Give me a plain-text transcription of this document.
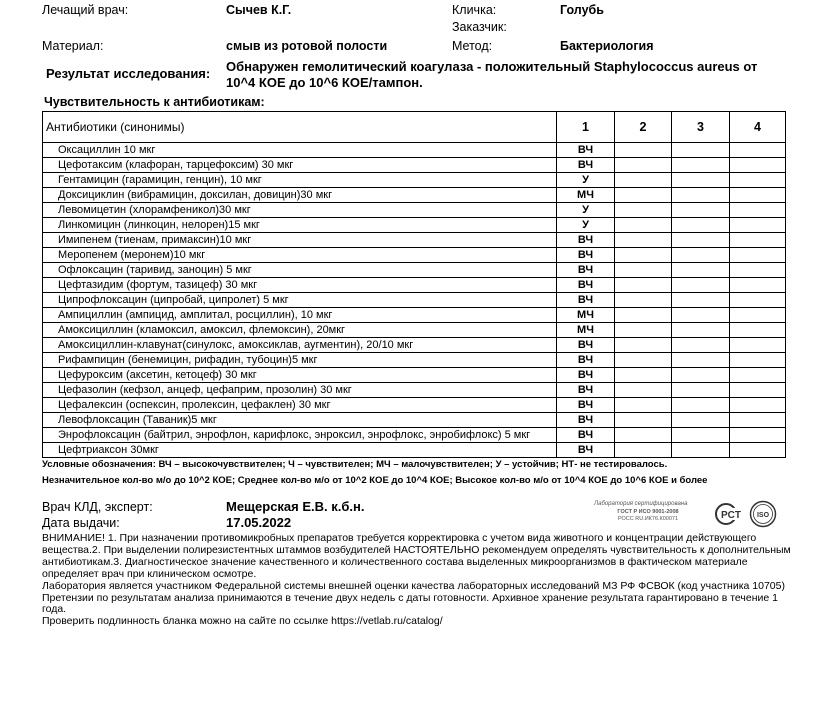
Лечащий врач:	Сычев К.Г.	Кличка:	Голубь
Заказчик:
Материал:	смыв из ротовой полости	Метод:	Бактериология
Результат исследования: Обнаружен гемолитический коагулаза - положительный Staphylococcus aureus от 10^4 КОЕ до 10^6 КОЕ/тампон.
Чувствительность к антибиотикам:
Антибиотики (синонимы)	1	2	3	4
Оксациллин 10 мкг	ВЧ			
Цефотаксим (клафоран, тарцефоксим) 30 мкг	ВЧ			
Гентамицин (гарамицин, генцин), 10 мкг	У			
Доксициклин (вибрамицин, доксилан, довицин)30 мкг	МЧ			
Левомицетин (хлорамфеникол)30 мкг	У			
Линкомицин (линкоцин, нелорен)15 мкг	У			
Имипенем (тиенам, примаксин)10 мкг	ВЧ			
Меропенем (меронем)10 мкг	ВЧ			
Офлоксацин (таривид, заноцин) 5 мкг	ВЧ			
Цефтазидим (фортум, тазицеф) 30 мкг	ВЧ			
Ципрофлоксацин (ципробай, ципролет) 5 мкг	ВЧ			
Ампициллин (ампицид, амплитал, росциллин), 10 мкг	МЧ			
Амоксициллин (кламоксил, амоксил, флемоксин), 20мкг	МЧ			
Амоксициллин-клавунат(синулокс, амоксиклав, аугментин), 20/10 мкг	ВЧ			
Рифампицин (бенемицин, рифадин, тубоцин)5 мкг	ВЧ			
Цефуроксим (аксетин, кетоцеф) 30 мкг	ВЧ			
Цефазолин (кефзол, анцеф, цефаприм, прозолин) 30 мкг	ВЧ			
Цефалексин (оспексин, пролексин, цефаклен) 30 мкг	ВЧ			
Левофлоксацин (Таваник)5 мкг	ВЧ			
Энрофлоксацин (байтрил, энрофлон, карифлокс, энроксил, энрофлокс, энробифлокс) 5 мкг	ВЧ			
Цефтриаксон 30мкг	ВЧ			
Условные обозначения: ВЧ – высокочувствителен; Ч – чувствителен; МЧ – малочувствителен; У – устойчив; НТ- не тестировалось.
Незначительное кол-во м/о до 10^2 КОЕ; Среднее кол-во м/о от 10^2 КОЕ до 10^4 КОЕ; Высокое кол-во м/о от 10^4 КОЕ до 10^6 КОЕ и более
Врач КЛД, эксперт:	Мещерская Е.В. к.б.н.
Дата выдачи:	17.05.2022
Лаборатория сертифицирована
ГОСТ Р ИСО 9001-2008
РОСС RU.ИК76.К00071	PCT ISO
ВНИМАНИЕ! 1. При назначении противомикробных препаратов требуется корректировка с учетом вида животного и концентрации действующего вещества.2. При выделении полирезистентных штаммов возбудителей НАСТОЯТЕЛЬНО рекомендуем определять чувствительность к дополнительным антибиотикам.3. Диагностическое значение качественного и количественного состава выделенных микроорганизмов в фактическом материале определяет врач при клиническом осмотре.
Лаборатория является участником Федеральной системы внешней оценки качества лабораторных исследований МЗ РФ ФСВОК (код участника 10705)
Претензии по результатам анализа принимаются в течение двух недель с даты готовности. Архивное хранение результата гарантировано в течение 1 года.
Проверить подлинность бланка можно на сайте по ссылке https://vetlab.ru/catalog/
